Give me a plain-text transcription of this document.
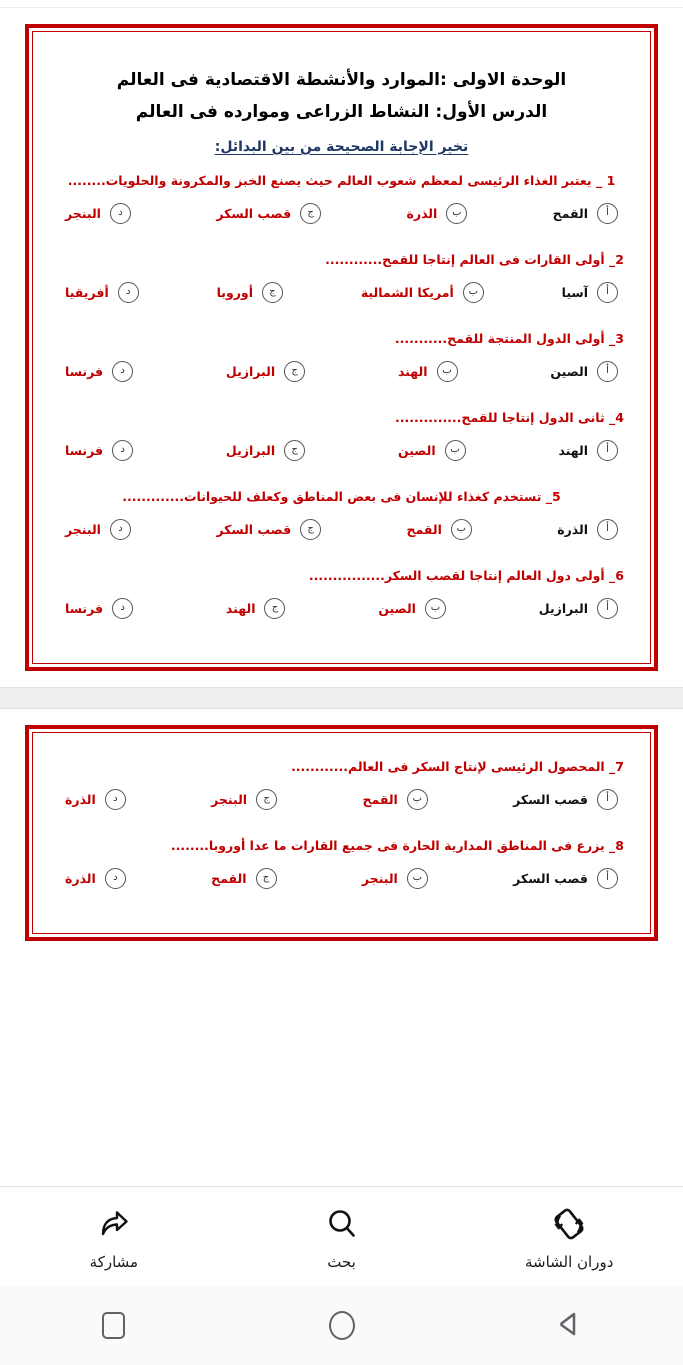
الوحدة الاولى :الموارد والأنشطة الاقتصادية فى العالم
الدرس الأول: النشاط الزراعى وموارده فى العالم
تخير الإجابة الصحيحة من بين البدائل:
1 _ يعتبر الغذاء الرئيسى لمعظم شعوب العالم حيث يصنع الخبز والمكرونة والحلويات........
أ
القمح
ب
الذرة
ج
قصب السكر
د
البنجر
2_ أولى القارات فى العالم إنتاجا للقمح............
أ
آسيا
ب
أمريكا الشمالية
ج
أوروبا
د
أفريقيا
3_ أولى الدول المنتجة للقمح...........
أ
الصين
ب
الهند
ج
البرازيل
د
فرنسا
4_ ثانى الدول إنتاجا للقمح..............
أ
الهند
ب
الصين
ج
البرازيل
د
فرنسا
5_ تستخدم كغذاء للإنسان فى بعض المناطق وكعلف للحيوانات.............
أ
الذرة
ب
القمح
ج
قصب السكر
د
البنجر
6_ أولى دول العالم إنتاجا لقصب السكر................
أ
البرازيل
ب
الصين
ج
الهند
د
فرنسا
7_ المحصول الرئيسى لإنتاج السكر فى العالم............
أ
قصب السكر
ب
القمح
ج
البنجر
د
الذرة
8_ يزرع فى المناطق المدارية الحارة فى جميع القارات ما عدا أوروبا........
أ
قصب السكر
ب
البنجر
ج
القمح
د
الذرة
دوران الشاشة
بحث
مشاركة
